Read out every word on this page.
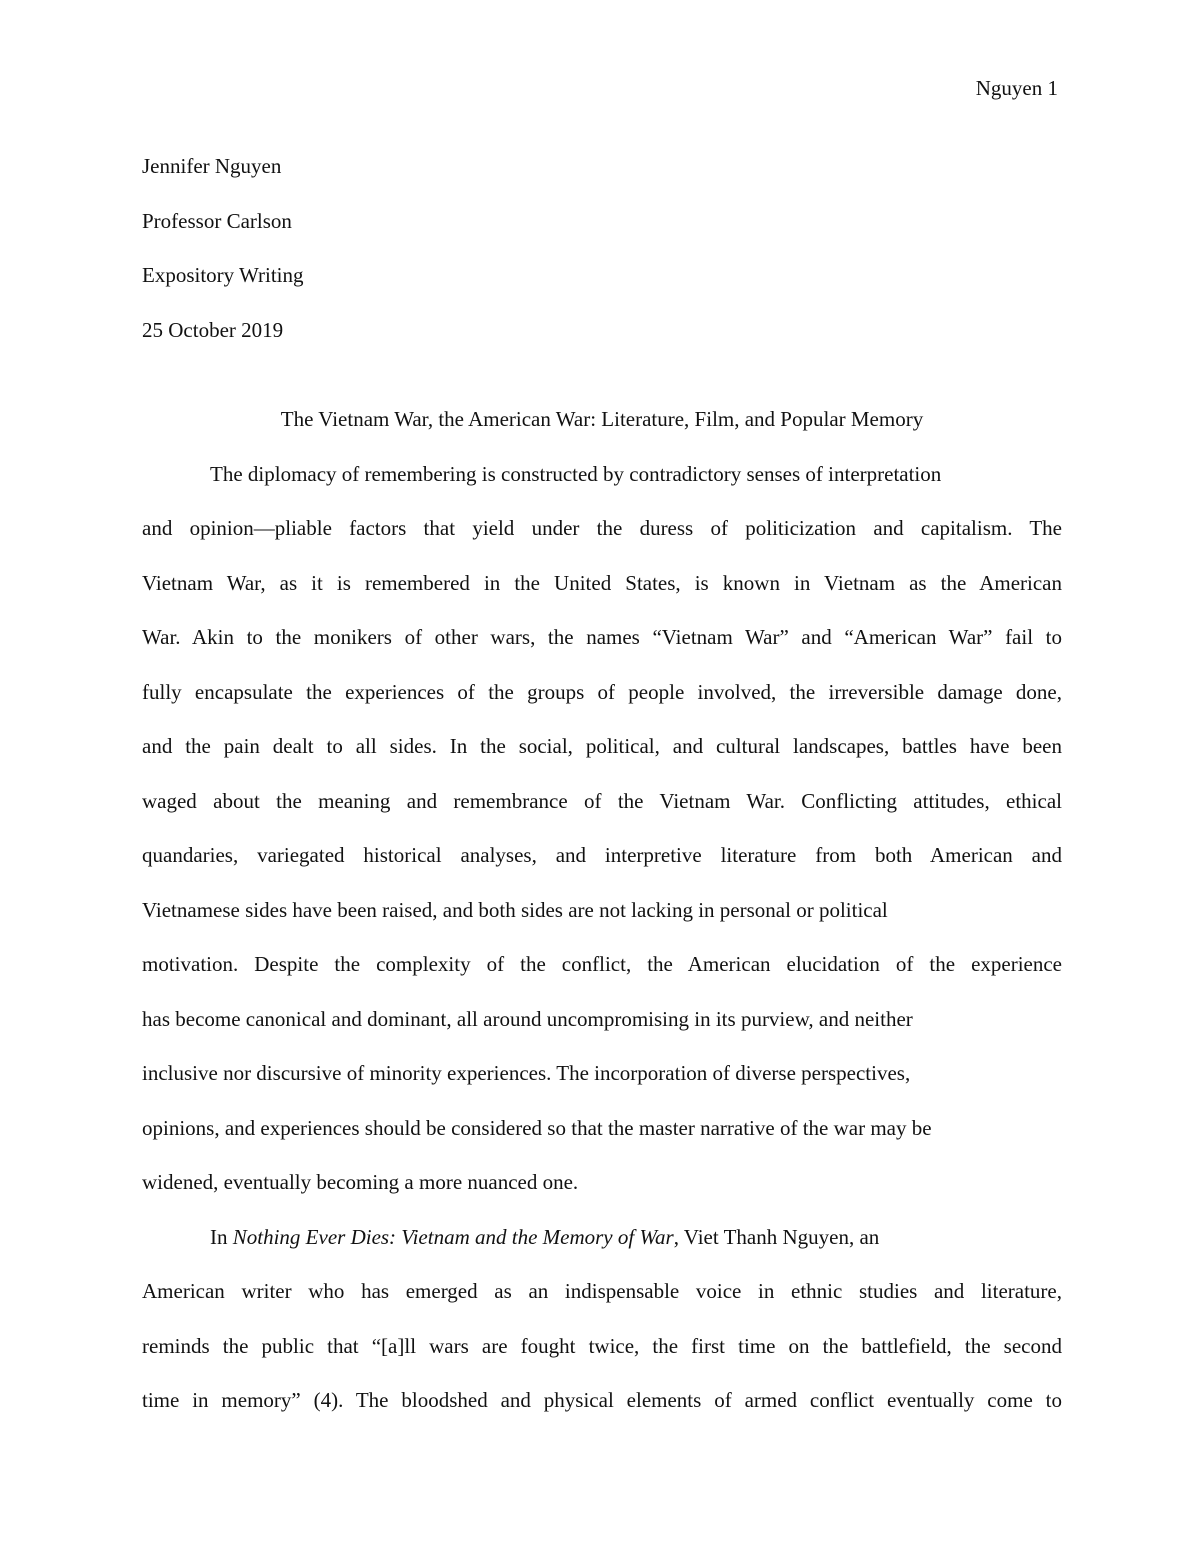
Nguyen 1
Jennifer Nguyen
Professor Carlson
Expository Writing
25 October 2019
The Vietnam War, the American War: Literature, Film, and Popular Memory
The diplomacy of remembering is constructed by contradictory senses of interpretation
and opinion—pliable factors that yield under the duress of politicization and capitalism. The
Vietnam War, as it is remembered in the United States, is known in Vietnam as the American
War. Akin to the monikers of other wars, the names “Vietnam War” and “American War” fail to
fully encapsulate the experiences of the groups of people involved, the irreversible damage done,
and the pain dealt to all sides. In the social, political, and cultural landscapes, battles have been
waged about the meaning and remembrance of the Vietnam War. Conflicting attitudes, ethical
quandaries, variegated historical analyses, and interpretive literature from both American and
Vietnamese sides have been raised, and both sides are not lacking in personal or political
motivation. Despite the complexity of the conflict, the American elucidation of the experience
has become canonical and dominant, all around uncompromising in its purview, and neither
inclusive nor discursive of minority experiences. The incorporation of diverse perspectives,
opinions, and experiences should be considered so that the master narrative of the war may be
widened, eventually becoming a more nuanced one.
In Nothing Ever Dies: Vietnam and the Memory of War, Viet Thanh Nguyen, an
American writer who has emerged as an indispensable voice in ethnic studies and literature,
reminds the public that “[a]ll wars are fought twice, the first time on the battlefield, the second
time in memory” (4). The bloodshed and physical elements of armed conflict eventually come to
